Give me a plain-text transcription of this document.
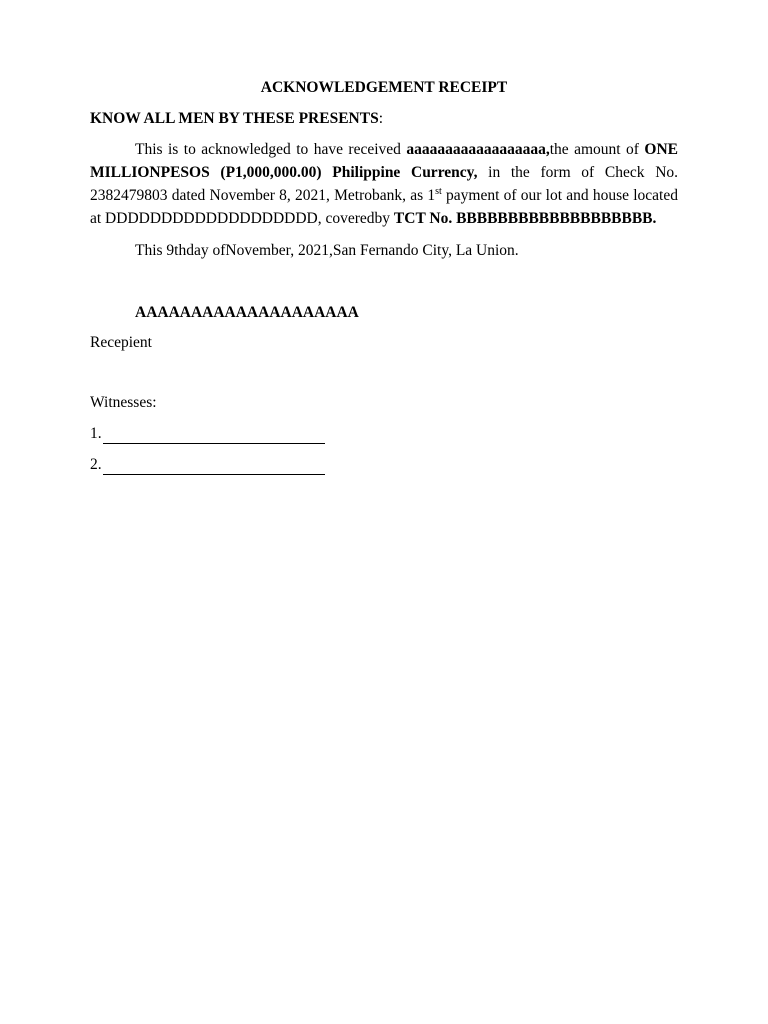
ACKNOWLEDGEMENT RECEIPT

KNOW ALL MEN BY THESE PRESENTS:

This is to acknowledged to have received aaaaaaaaaaaaaaaaaa,the amount of ONE MILLIONPESOS (P1,000,000.00) Philippine Currency, in the form of Check No. 2382479803 dated November 8, 2021, Metrobank, as 1st payment of our lot and house located at DDDDDDDDDDDDDDDDDDD, coveredby TCT No. BBBBBBBBBBBBBBBBBBB.

This 9thday ofNovember, 2021,San Fernando City, La Union.

AAAAAAAAAAAAAAAAAAAA

Recepient

Witnesses:

1.
2.
